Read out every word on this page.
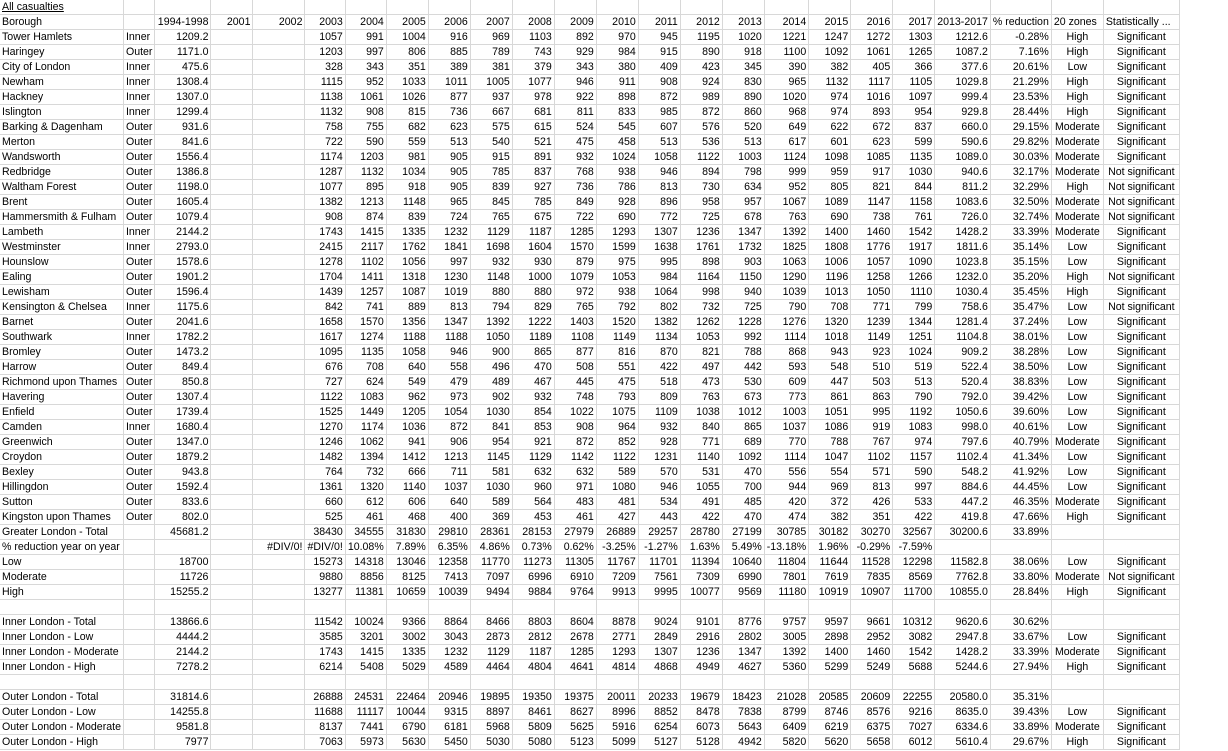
All casualties																							
Borough		1994-1998	2001	2002	2003	2004	2005	2006	2007	2008	2009	2010	2011	2012	2013	2014	2015	2016	2017	2013-2017	% reduction	20 zones	Statistically ...
Tower Hamlets	Inner	1209.2			1057	991	1004	916	969	1103	892	970	945	1195	1020	1221	1247	1272	1303	1212.6	-0.28%	High	Significant
Haringey	Outer	1171.0			1203	997	806	885	789	743	929	984	915	890	918	1100	1092	1061	1265	1087.2	7.16%	High	Significant
City of London	Inner	475.6			328	343	351	389	381	379	343	380	409	423	345	390	382	405	366	377.6	20.61%	Low	Significant
Newham	Inner	1308.4			1115	952	1033	1011	1005	1077	946	911	908	924	830	965	1132	1117	1105	1029.8	21.29%	High	Significant
Hackney	Inner	1307.0			1138	1061	1026	877	937	978	922	898	872	989	890	1020	974	1016	1097	999.4	23.53%	High	Significant
Islington	Inner	1299.4			1132	908	815	736	667	681	811	833	985	872	860	968	974	893	954	929.8	28.44%	High	Significant
Barking & Dagenham	Outer	931.6			758	755	682	623	575	615	524	545	607	576	520	649	622	672	837	660.0	29.15%	Moderate	Significant
Merton	Outer	841.6			722	590	559	513	540	521	475	458	513	536	513	617	601	623	599	590.6	29.82%	Moderate	Significant
Wandsworth	Outer	1556.4			1174	1203	981	905	915	891	932	1024	1058	1122	1003	1124	1098	1085	1135	1089.0	30.03%	Moderate	Significant
Redbridge	Outer	1386.8			1287	1132	1034	905	785	837	768	938	946	894	798	999	959	917	1030	940.6	32.17%	Moderate	Not significant
Waltham Forest	Outer	1198.0			1077	895	918	905	839	927	736	786	813	730	634	952	805	821	844	811.2	32.29%	High	Not significant
Brent	Outer	1605.4			1382	1213	1148	965	845	785	849	928	896	958	957	1067	1089	1147	1158	1083.6	32.50%	Moderate	Not significant
Hammersmith & Fulham	Outer	1079.4			908	874	839	724	765	675	722	690	772	725	678	763	690	738	761	726.0	32.74%	Moderate	Not significant
Lambeth	Inner	2144.2			1743	1415	1335	1232	1129	1187	1285	1293	1307	1236	1347	1392	1400	1460	1542	1428.2	33.39%	Moderate	Significant
Westminster	Inner	2793.0			2415	2117	1762	1841	1698	1604	1570	1599	1638	1761	1732	1825	1808	1776	1917	1811.6	35.14%	Low	Significant
Hounslow	Outer	1578.6			1278	1102	1056	997	932	930	879	975	995	898	903	1063	1006	1057	1090	1023.8	35.15%	Low	Significant
Ealing	Outer	1901.2			1704	1411	1318	1230	1148	1000	1079	1053	984	1164	1150	1290	1196	1258	1266	1232.0	35.20%	High	Not significant
Lewisham	Outer	1596.4			1439	1257	1087	1019	880	880	972	938	1064	998	940	1039	1013	1050	1110	1030.4	35.45%	High	Significant
Kensington & Chelsea	Inner	1175.6			842	741	889	813	794	829	765	792	802	732	725	790	708	771	799	758.6	35.47%	Low	Not significant
Barnet	Outer	2041.6			1658	1570	1356	1347	1392	1222	1403	1520	1382	1262	1228	1276	1320	1239	1344	1281.4	37.24%	Low	Significant
Southwark	Inner	1782.2			1617	1274	1188	1188	1050	1189	1108	1149	1134	1053	992	1114	1018	1149	1251	1104.8	38.01%	Low	Significant
Bromley	Outer	1473.2			1095	1135	1058	946	900	865	877	816	870	821	788	868	943	923	1024	909.2	38.28%	Low	Significant
Harrow	Outer	849.4			676	708	640	558	496	470	508	551	422	497	442	593	548	510	519	522.4	38.50%	Low	Significant
Richmond upon Thames	Outer	850.8			727	624	549	479	489	467	445	475	518	473	530	609	447	503	513	520.4	38.83%	Low	Significant
Havering	Outer	1307.4			1122	1083	962	973	902	932	748	793	809	763	673	773	861	863	790	792.0	39.42%	Low	Significant
Enfield	Outer	1739.4			1525	1449	1205	1054	1030	854	1022	1075	1109	1038	1012	1003	1051	995	1192	1050.6	39.60%	Low	Significant
Camden	Inner	1680.4			1270	1174	1036	872	841	853	908	964	932	840	865	1037	1086	919	1083	998.0	40.61%	Low	Significant
Greenwich	Outer	1347.0			1246	1062	941	906	954	921	872	852	928	771	689	770	788	767	974	797.6	40.79%	Moderate	Significant
Croydon	Outer	1879.2			1482	1394	1412	1213	1145	1129	1142	1122	1231	1140	1092	1114	1047	1102	1157	1102.4	41.34%	Low	Significant
Bexley	Outer	943.8			764	732	666	711	581	632	632	589	570	531	470	556	554	571	590	548.2	41.92%	Low	Significant
Hillingdon	Outer	1592.4			1361	1320	1140	1037	1030	960	971	1080	946	1055	700	944	969	813	997	884.6	44.45%	Low	Significant
Sutton	Outer	833.6			660	612	606	640	589	564	483	481	534	491	485	420	372	426	533	447.2	46.35%	Moderate	Significant
Kingston upon Thames	Outer	802.0			525	461	468	400	369	453	461	427	443	422	470	474	382	351	422	419.8	47.66%	High	Significant
Greater London - Total		45681.2			38430	34555	31830	29810	28361	28153	27979	26889	29257	28780	27199	30785	30182	30270	32567	30200.6	33.89%		
% reduction year on year				#DIV/0!	#DIV/0!	10.08%	7.89%	6.35%	4.86%	0.73%	0.62%	-3.25%	-1.27%	1.63%	5.49%	-13.18%	1.96%	-0.29%	-7.59%				
Low		18700			15273	14318	13046	12358	11770	11273	11305	11767	11701	11394	10640	11804	11644	11528	12298	11582.8	38.06%	Low	Significant
Moderate		11726			9880	8856	8125	7413	7097	6996	6910	7209	7561	7309	6990	7801	7619	7835	8569	7762.8	33.80%	Moderate	Not significant
High		15255.2			13277	11381	10659	10039	9494	9884	9764	9913	9995	10077	9569	11180	10919	10907	11700	10855.0	28.84%	High	Significant

Inner London - Total		13866.6			11542	10024	9366	8864	8466	8803	8604	8878	9024	9101	8776	9757	9597	9661	10312	9620.6	30.62%		
Inner London - Low		4444.2			3585	3201	3002	3043	2873	2812	2678	2771	2849	2916	2802	3005	2898	2952	3082	2947.8	33.67%	Low	Significant
Inner London - Moderate		2144.2			1743	1415	1335	1232	1129	1187	1285	1293	1307	1236	1347	1392	1400	1460	1542	1428.2	33.39%	Moderate	Significant
Inner London - High		7278.2			6214	5408	5029	4589	4464	4804	4641	4814	4868	4949	4627	5360	5299	5249	5688	5244.6	27.94%	High	Significant

Outer London - Total		31814.6			26888	24531	22464	20946	19895	19350	19375	20011	20233	19679	18423	21028	20585	20609	22255	20580.0	35.31%		
Outer London - Low		14255.8			11688	11117	10044	9315	8897	8461	8627	8996	8852	8478	7838	8799	8746	8576	9216	8635.0	39.43%	Low	Significant
Outer London - Moderate		9581.8			8137	7441	6790	6181	5968	5809	5625	5916	6254	6073	5643	6409	6219	6375	7027	6334.6	33.89%	Moderate	Significant
Outer London - High		7977			7063	5973	5630	5450	5030	5080	5123	5099	5127	5128	4942	5820	5620	5658	6012	5610.4	29.67%	High	Significant
